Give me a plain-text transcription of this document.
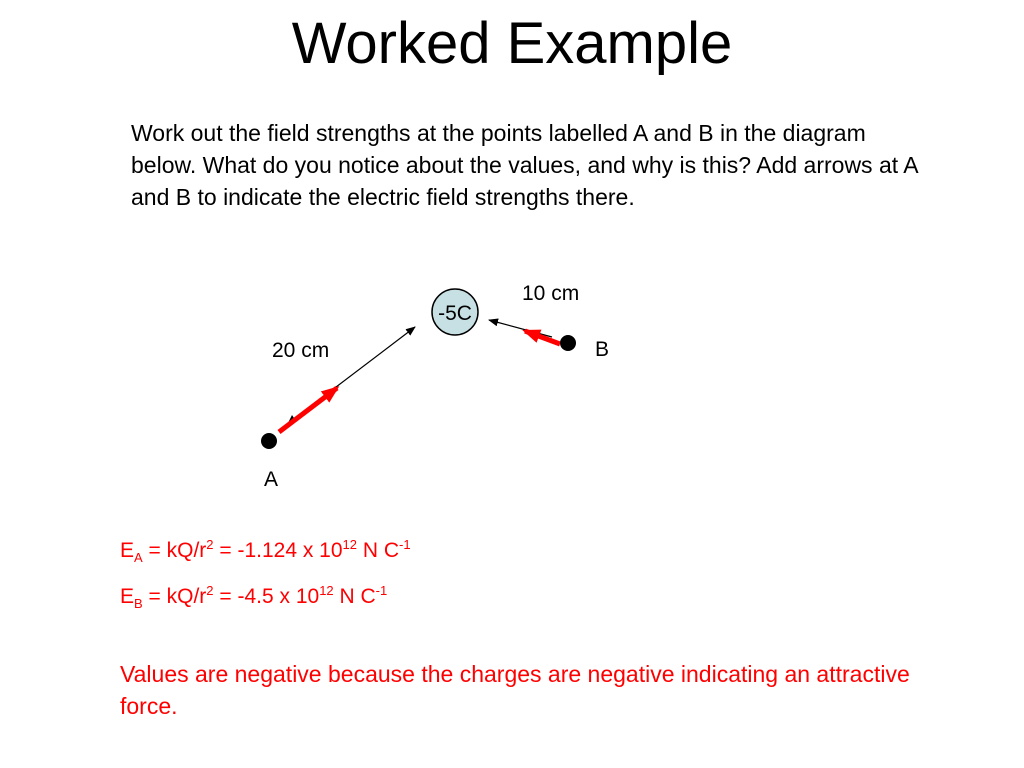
Worked Example

Work out the field strengths at the points labelled A and B in the diagram below. What do you notice about the values, and why is this? Add arrows at A and B to indicate the electric field strengths there.

-5C
20 cm
10 cm
A
B
$E_A = kQ/r^2 = -1.124$ x $10^{12}$ N $C^{-1}$
$E_B = kQ/r^2 = -4.5$ x $10^{12}$ N $C^{-1}$

Values are negative because the charges are negative indicating an attractive force.
